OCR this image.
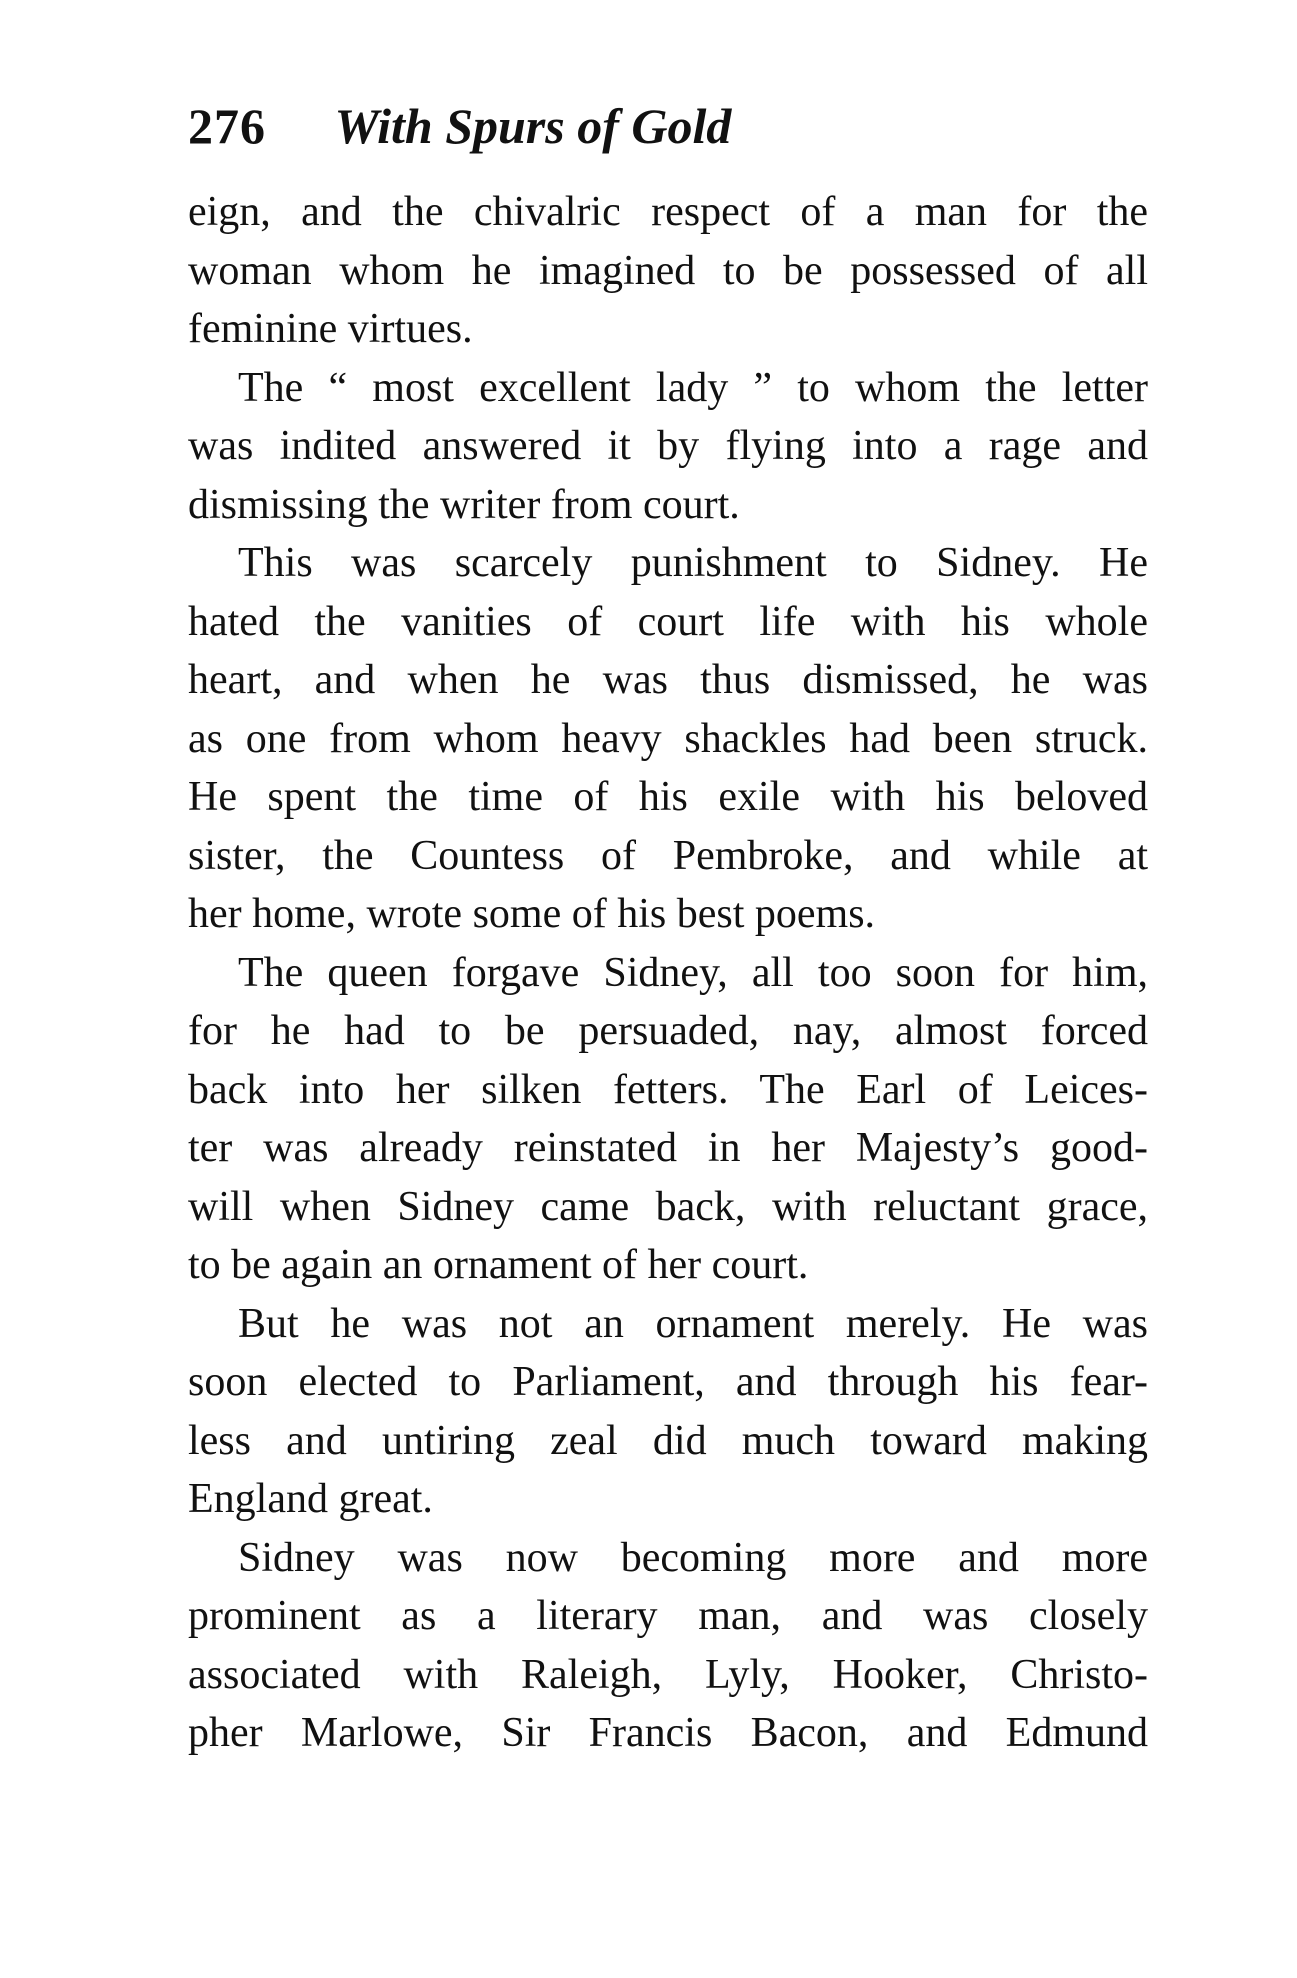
276 With Spurs of Gold
eign, and the chivalric respect of a man for the
woman whom he imagined to be possessed of all
feminine virtues.
The “ most excellent lady ” to whom the letter
was indited answered it by flying into a rage and
dismissing the writer from court.
This was scarcely punishment to Sidney. He
hated the vanities of court life with his whole
heart, and when he was thus dismissed, he was
as one from whom heavy shackles had been struck.
He spent the time of his exile with his beloved
sister, the Countess of Pembroke, and while at
her home, wrote some of his best poems.
The queen forgave Sidney, all too soon for him,
for he had to be persuaded, nay, almost forced
back into her silken fetters. The Earl of Leices-
ter was already reinstated in her Majesty’s good-
will when Sidney came back, with reluctant grace,
to be again an ornament of her court.
But he was not an ornament merely. He was
soon elected to Parliament, and through his fear-
less and untiring zeal did much toward making
England great.
Sidney was now becoming more and more
prominent as a literary man, and was closely
associated with Raleigh, Lyly, Hooker, Christo-
pher Marlowe, Sir Francis Bacon, and Edmund
